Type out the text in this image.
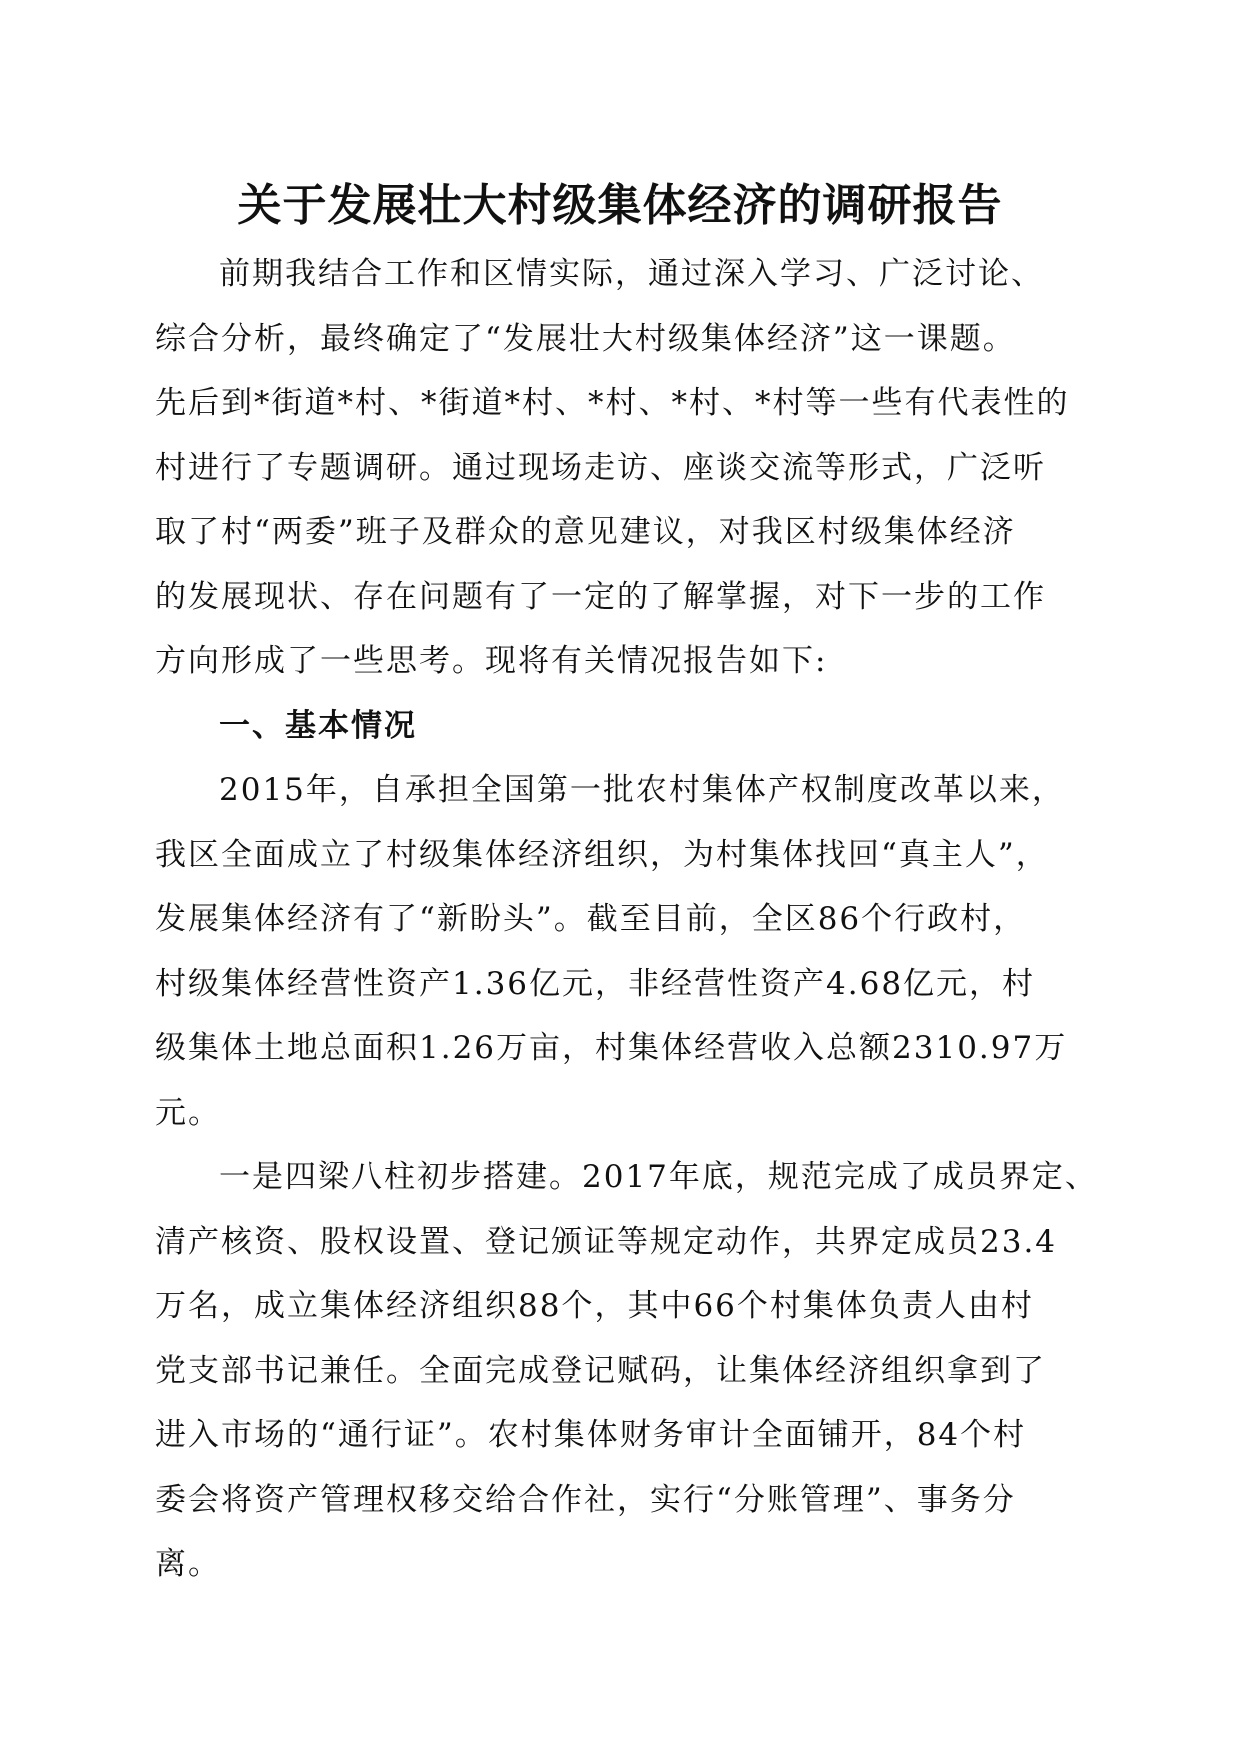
关于发展壮大村级集体经济的调研报告
前期我结合工作和区情实际，通过深入学习、广泛讨论、
综合分析，最终确定了“发展壮大村级集体经济”这一课题。
先后到*街道*村、*街道*村、*村、*村、*村等一些有代表性的
村进行了专题调研。通过现场走访、座谈交流等形式，广泛听
取了村“两委”班子及群众的意见建议，对我区村级集体经济
的发展现状、存在问题有了一定的了解掌握，对下一步的工作
方向形成了一些思考。现将有关情况报告如下:
一、基本情况
2015年，自承担全国第一批农村集体产权制度改革以来，
我区全面成立了村级集体经济组织，为村集体找回“真主人”，
发展集体经济有了“新盼头”。截至目前，全区86个行政村，
村级集体经营性资产1.36亿元，非经营性资产4.68亿元，村
级集体土地总面积1.26万亩，村集体经营收入总额2310.97万
元。
一是四梁八柱初步搭建。2017年底，规范完成了成员界定、
清产核资、股权设置、登记颁证等规定动作，共界定成员23.4
万名，成立集体经济组织88个，其中66个村集体负责人由村
党支部书记兼任。全面完成登记赋码，让集体经济组织拿到了
进入市场的“通行证”。农村集体财务审计全面铺开，84个村
委会将资产管理权移交给合作社，实行“分账管理”、事务分
离。
